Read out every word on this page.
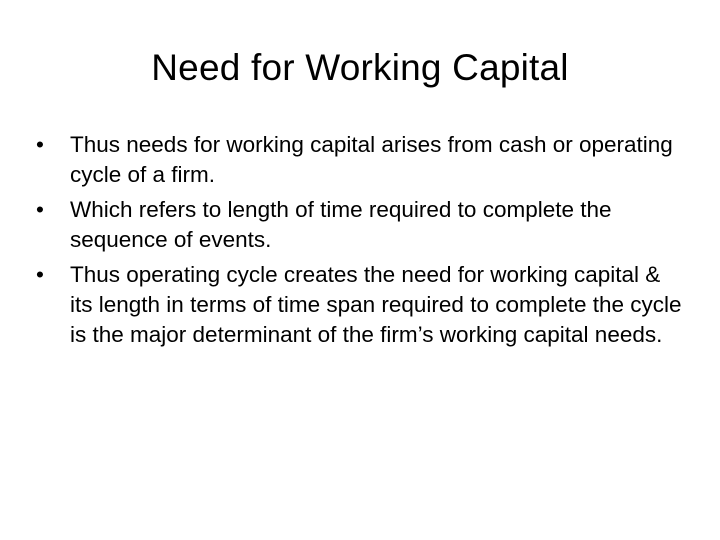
Need for Working Capital
•	Thus needs for working capital arises from cash or operating cycle of a firm.
•	Which refers to length of time required to complete the sequence of events.
•	Thus operating cycle creates the need for working capital & its length in terms of time span required to complete the cycle is the major determinant of the firm’s working capital needs.
